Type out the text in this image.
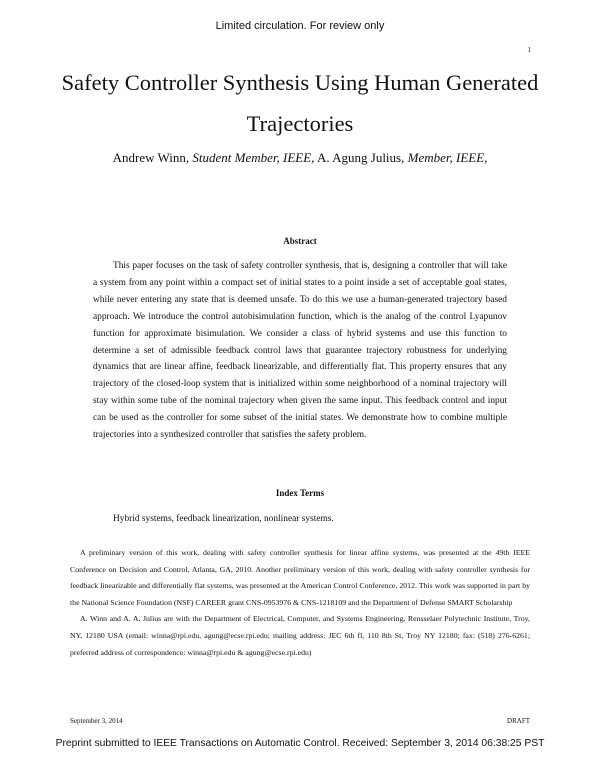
Limited circulation. For review only
1
Safety Controller Synthesis Using Human Generated Trajectories
Andrew Winn, Student Member, IEEE, A. Agung Julius, Member, IEEE,
Abstract

This paper focuses on the task of safety controller synthesis, that is, designing a controller that will take a system from any point within a compact set of initial states to a point inside a set of acceptable goal states, while never entering any state that is deemed unsafe. To do this we use a human-generated trajectory based approach. We introduce the control autobisimulation function, which is the analog of the control Lyapunov function for approximate bisimulation. We consider a class of hybrid systems and use this function to determine a set of admissible feedback control laws that guarantee trajectory robustness for underlying dynamics that are linear affine, feedback linearizable, and differentially flat. This property ensures that any trajectory of the closed-loop system that is initialized within some neighborhood of a nominal trajectory will stay within some tube of the nominal trajectory when given the same input. This feedback control and input can be used as the controller for some subset of the initial states. We demonstrate how to combine multiple trajectories into a synthesized controller that satisfies the safety problem.

Index Terms
Hybrid systems, feedback linearization, nonlinear systems.

A preliminary version of this work, dealing with safety controller synthesis for linear affine systems, was presented at the 49th IEEE Conference on Decision and Control, Atlanta, GA, 2010. Another preliminary version of this work, dealing with safety controller synthesis for feedback linearizable and differentially flat systems, was presented at the American Control Conference, 2012. This work was supported in part by the National Science Foundation (NSF) CAREER grant CNS-0953976 & CNS-1218109 and the Department of Defense SMART Scholarship

A. Winn and A. A. Julius are with the Department of Electrical, Computer, and Systems Engineering, Rensselaer Polytechnic Institute, Troy, NY, 12180 USA (email: winna@rpi.edu, agung@ecse.rpi.edu; mailing address: JEC 6th fl, 110 8th St, Troy NY 12180; fax: (518) 276-6261; preferred address of correspondence: winna@rpi.edu & agung@ecse.rpi.edu)

September 3, 2014	DRAFT
Preprint submitted to IEEE Transactions on Automatic Control. Received: September 3, 2014 06:38:25 PST
